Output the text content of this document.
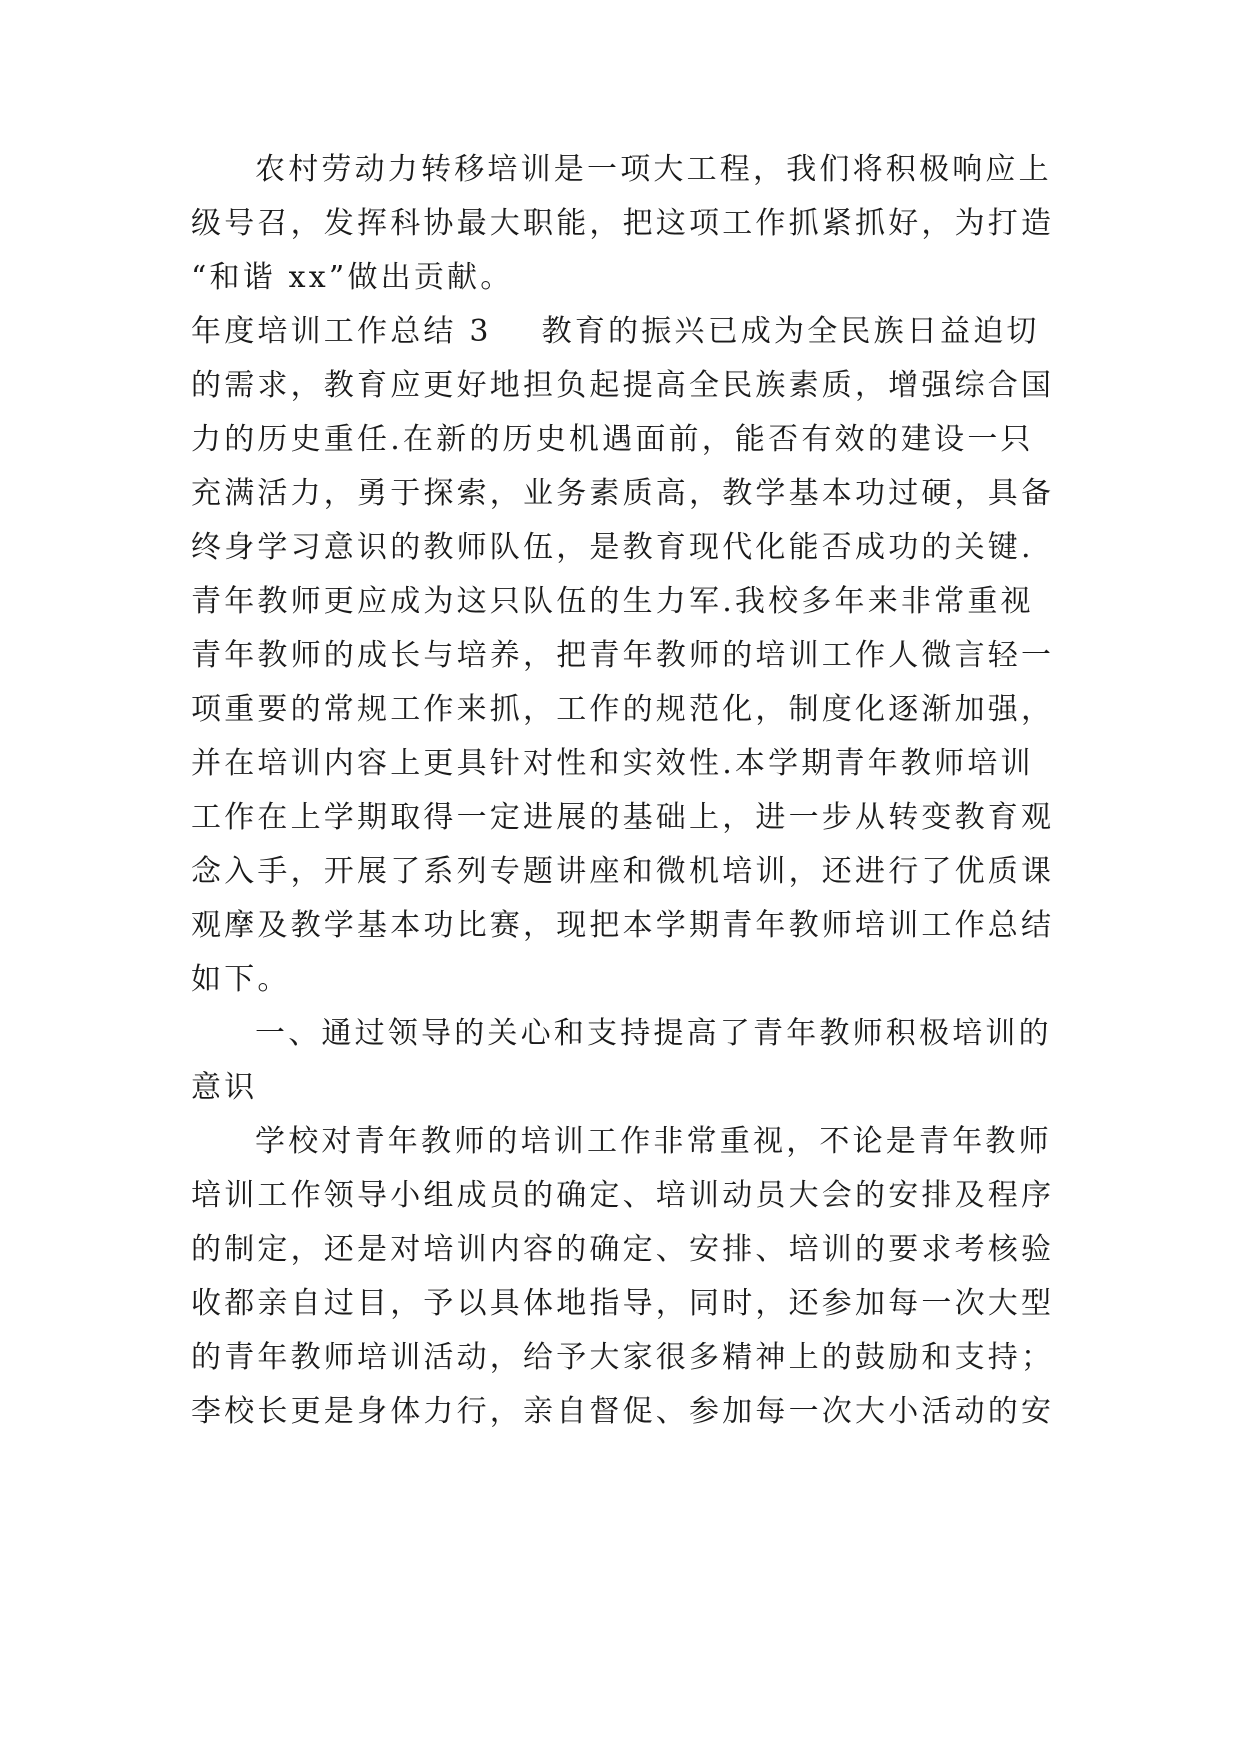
农村劳动力转移培训是一项大工程，我们将积极响应上
级号召，发挥科协最大职能，把这项工作抓紧抓好，为打造
“和谐 xx”做出贡献。
年度培训工作总结 3 教育的振兴已成为全民族日益迫切
的需求，教育应更好地担负起提高全民族素质，增强综合国
力的历史重任.在新的历史机遇面前，能否有效的建设一只
充满活力，勇于探索，业务素质高，教学基本功过硬，具备
终身学习意识的教师队伍，是教育现代化能否成功的关键.
青年教师更应成为这只队伍的生力军.我校多年来非常重视
青年教师的成长与培养，把青年教师的培训工作人微言轻一
项重要的常规工作来抓，工作的规范化，制度化逐渐加强，
并在培训内容上更具针对性和实效性.本学期青年教师培训
工作在上学期取得一定进展的基础上，进一步从转变教育观
念入手，开展了系列专题讲座和微机培训，还进行了优质课
观摩及教学基本功比赛，现把本学期青年教师培训工作总结
如下。
一、通过领导的关心和支持提高了青年教师积极培训的
意识
学校对青年教师的培训工作非常重视，不论是青年教师
培训工作领导小组成员的确定、培训动员大会的安排及程序
的制定，还是对培训内容的确定、安排、培训的要求考核验
收都亲自过目，予以具体地指导，同时，还参加每一次大型
的青年教师培训活动，给予大家很多精神上的鼓励和支持；
李校长更是身体力行，亲自督促、参加每一次大小活动的安
